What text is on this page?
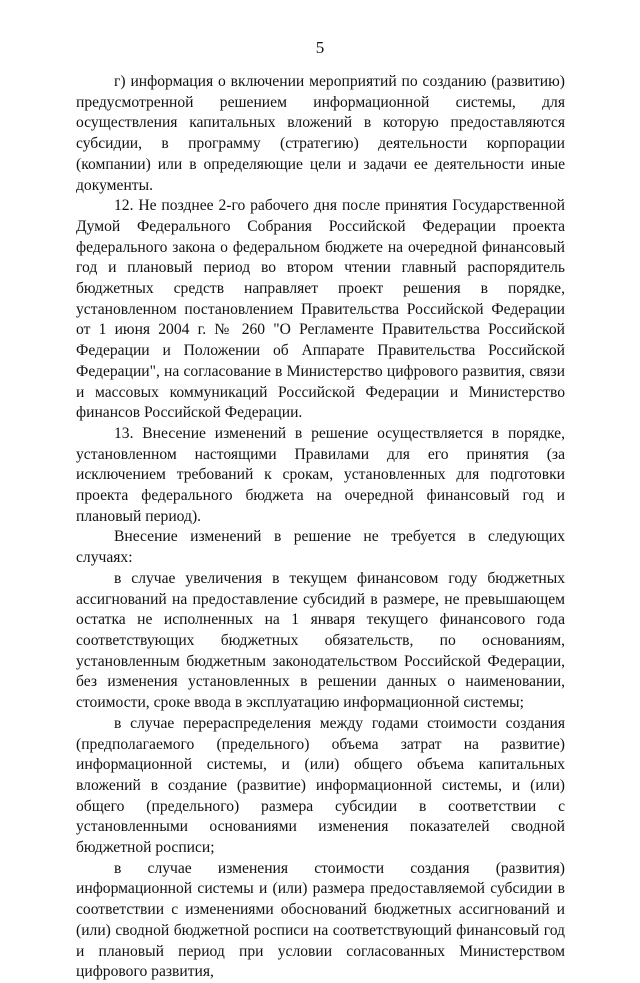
5

г) информация о включении мероприятий по созданию (развитию) предусмотренной решением информационной системы, для осуществления капитальных вложений в которую предоставляются субсидии, в программу (стратегию) деятельности корпорации (компании) или в определяющие цели и задачи ее деятельности иные документы.

12. Не позднее 2-го рабочего дня после принятия Государственной Думой Федерального Собрания Российской Федерации проекта федерального закона о федеральном бюджете на очередной финансовый год и плановый период во втором чтении главный распорядитель бюджетных средств направляет проект решения в порядке, установленном постановлением Правительства Российской Федерации от 1 июня 2004 г. № 260 "О Регламенте Правительства Российской Федерации и Положении об Аппарате Правительства Российской Федерации", на согласование в Министерство цифрового развития, связи и массовых коммуникаций Российской Федерации и Министерство финансов Российской Федерации.

13. Внесение изменений в решение осуществляется в порядке, установленном настоящими Правилами для его принятия (за исключением требований к срокам, установленных для подготовки проекта федерального бюджета на очередной финансовый год и плановый период).

Внесение изменений в решение не требуется в следующих случаях:

в случае увеличения в текущем финансовом году бюджетных ассигнований на предоставление субсидий в размере, не превышающем остатка не исполненных на 1 января текущего финансового года соответствующих бюджетных обязательств, по основаниям, установленным бюджетным законодательством Российской Федерации, без изменения установленных в решении данных о наименовании, стоимости, сроке ввода в эксплуатацию информационной системы;

в случае перераспределения между годами стоимости создания (предполагаемого (предельного) объема затрат на развитие) информационной системы, и (или) общего объема капитальных вложений в создание (развитие) информационной системы, и (или) общего (предельного) размера субсидии в соответствии с установленными основаниями изменения показателей сводной бюджетной росписи;

в случае изменения стоимости создания (развития) информационной системы и (или) размера предоставляемой субсидии в соответствии с изменениями обоснований бюджетных ассигнований и (или) сводной бюджетной росписи на соответствующий финансовый год и плановый период при условии согласованных Министерством цифрового развития,
